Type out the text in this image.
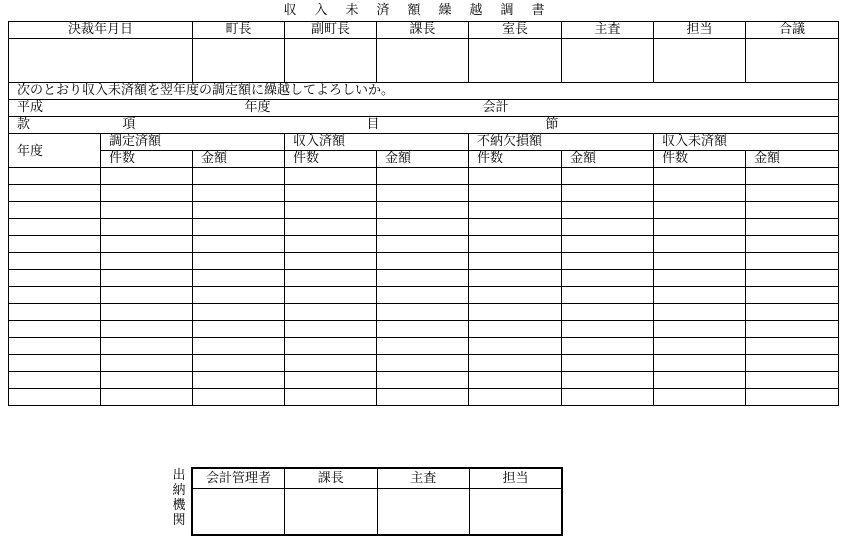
収入未済額繰越調書
決裁年月日		町長	副町長	課長	室長	主査	担当	合議

次のとおり収入未済額を翌年度の調定額に繰越してよろしいか。								
平成		年度			会計			
款	項		目		節			
年度	調定済額		収入済額		不納欠損額		収入未済額	
	件数	金額	件数	金額	件数	金額	件数	金額

出
納
機
関
会計管理者	課長	主査	担当
